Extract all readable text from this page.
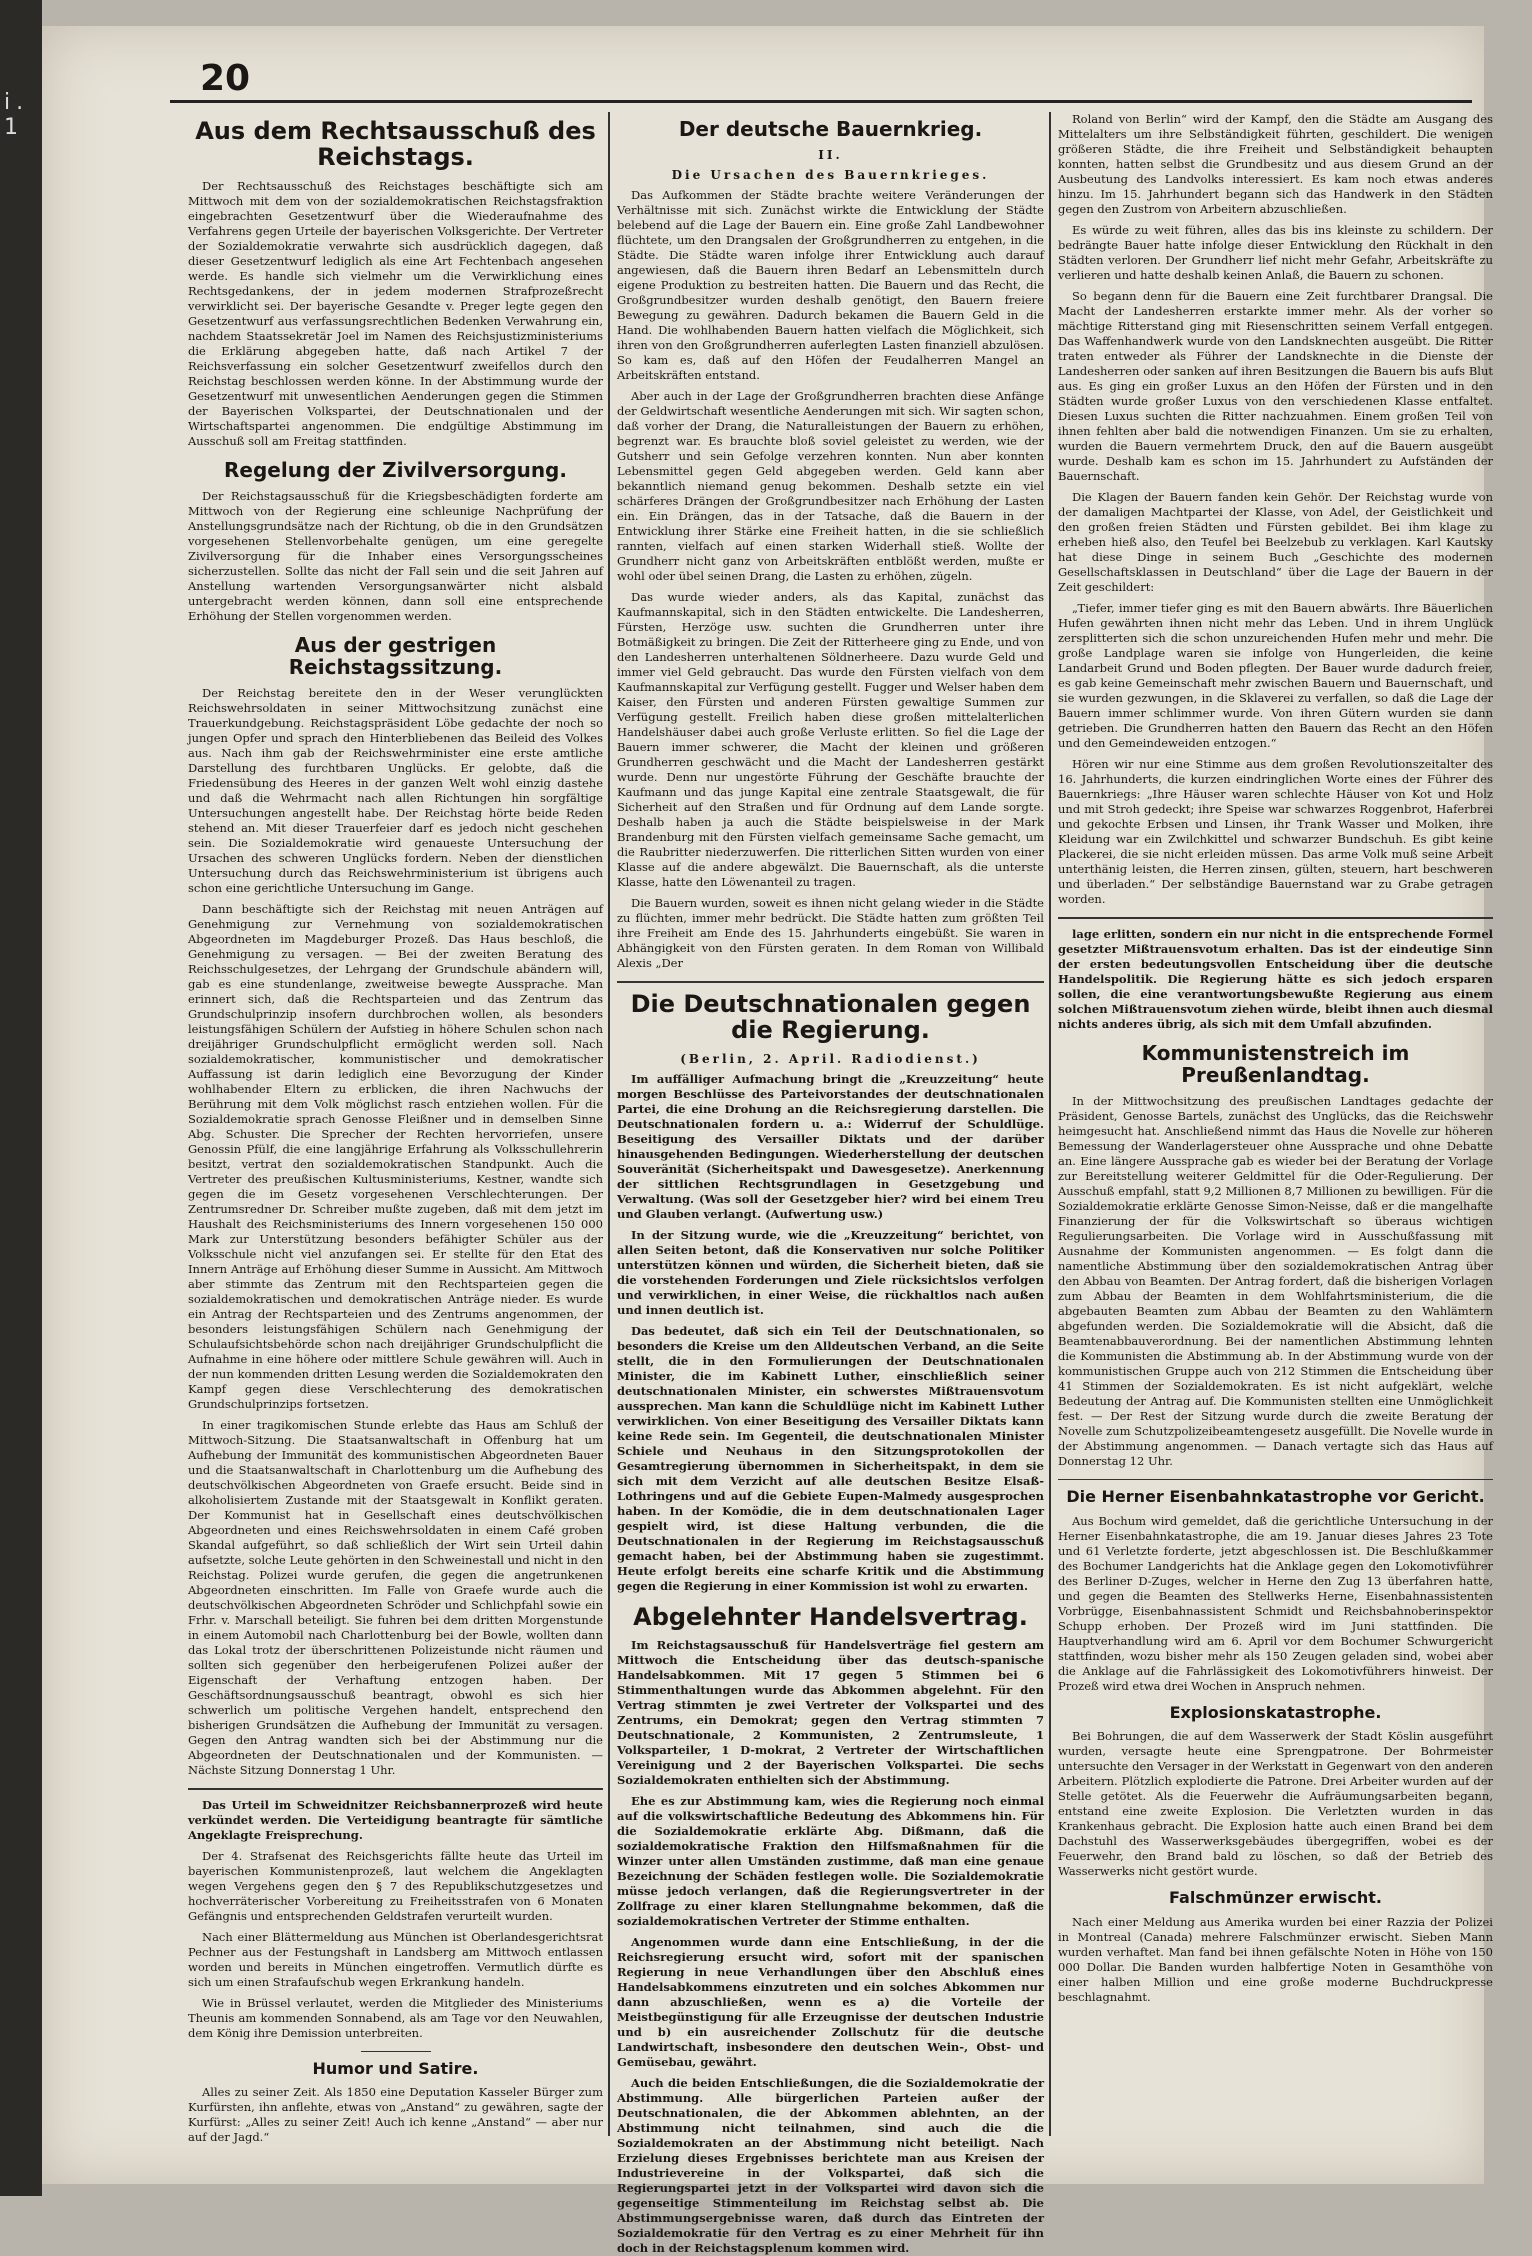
i. 1
20
Aus dem Rechtsausschuß des Reichstags.

Der Rechtsausschuß des Reichstages beschäftigte sich am Mittwoch mit dem von der sozialdemokratischen Reichstagsfraktion eingebrachten Gesetzentwurf über die Wiederaufnahme des Verfahrens gegen Urteile der bayerischen Volksgerichte. Der Vertreter der Sozialdemokratie verwahrte sich ausdrücklich dagegen, daß dieser Gesetzentwurf lediglich als eine Art Fechtenbach angesehen werde. Es handle sich vielmehr um die Verwirklichung eines Rechtsgedankens, der in jedem modernen Strafprozeßrecht verwirklicht sei. Der bayerische Gesandte v. Preger legte gegen den Gesetzentwurf aus verfassungsrechtlichen Bedenken Verwahrung ein, nachdem Staatssekretär Joel im Namen des Reichsjustizministeriums die Erklärung abgegeben hatte, daß nach Artikel 7 der Reichsverfassung ein solcher Gesetzentwurf zweifellos durch den Reichstag beschlossen werden könne. In der Abstimmung wurde der Gesetzentwurf mit unwesentlichen Aenderungen gegen die Stimmen der Bayerischen Volkspartei, der Deutschnationalen und der Wirtschaftspartei angenommen. Die endgültige Abstimmung im Ausschuß soll am Freitag stattfinden.

Regelung der Zivilversorgung.

Der Reichstagsausschuß für die Kriegsbeschädigten forderte am Mittwoch von der Regierung eine schleunige Nachprüfung der Anstellungsgrundsätze nach der Richtung, ob die in den Grundsätzen vorgesehenen Stellenvorbehalte genügen, um eine geregelte Zivilversorgung für die Inhaber eines Versorgungsscheines sicherzustellen. Sollte das nicht der Fall sein und die seit Jahren auf Anstellung wartenden Versorgungsanwärter nicht alsbald untergebracht werden können, dann soll eine entsprechende Erhöhung der Stellen vorgenommen werden.

Aus der gestrigen Reichstagssitzung.

Der Reichstag bereitete den in der Weser verunglückten Reichswehrsoldaten in seiner Mittwochsitzung zunächst eine Trauerkundgebung. Reichstagspräsident Löbe gedachte der noch so jungen Opfer und sprach den Hinterbliebenen das Beileid des Volkes aus. Nach ihm gab der Reichswehrminister eine erste amtliche Darstellung des furchtbaren Unglücks. Er gelobte, daß die Friedensübung des Heeres in der ganzen Welt wohl einzig dastehe und daß die Wehrmacht nach allen Richtungen hin sorgfältige Untersuchungen angestellt habe. Der Reichstag hörte beide Reden stehend an. Mit dieser Trauerfeier darf es jedoch nicht geschehen sein. Die Sozialdemokratie wird genaueste Untersuchung der Ursachen des schweren Unglücks fordern. Neben der dienstlichen Untersuchung durch das Reichswehrministerium ist übrigens auch schon eine gerichtliche Untersuchung im Gange.

Dann beschäftigte sich der Reichstag mit neuen Anträgen auf Genehmigung zur Vernehmung von sozialdemokratischen Abgeordneten im Magdeburger Prozeß. Das Haus beschloß, die Genehmigung zu versagen. — Bei der zweiten Beratung des Reichsschulgesetzes, der Lehrgang der Grundschule abändern will, gab es eine stundenlange, zweitweise bewegte Aussprache. Man erinnert sich, daß die Rechtsparteien und das Zentrum das Grundschulprinzip insofern durchbrochen wollen, als besonders leistungsfähigen Schülern der Aufstieg in höhere Schulen schon nach dreijähriger Grundschulpflicht ermöglicht werden soll. Nach sozialdemokratischer, kommunistischer und demokratischer Auffassung ist darin lediglich eine Bevorzugung der Kinder wohlhabender Eltern zu erblicken, die ihren Nachwuchs der Berührung mit dem Volk möglichst rasch entziehen wollen. Für die Sozialdemokratie sprach Genosse Fleißner und in demselben Sinne Abg. Schuster. Die Sprecher der Rechten hervorriefen, unsere Genossin Pfülf, die eine langjährige Erfahrung als Volksschullehrerin besitzt, vertrat den sozialdemokratischen Standpunkt. Auch die Vertreter des preußischen Kultusministeriums, Kestner, wandte sich gegen die im Gesetz vorgesehenen Verschlechterungen. Der Zentrumsredner Dr. Schreiber mußte zugeben, daß mit dem jetzt im Haushalt des Reichsministeriums des Innern vorgesehenen 150 000 Mark zur Unterstützung besonders befähigter Schüler aus der Volksschule nicht viel anzufangen sei. Er stellte für den Etat des Innern Anträge auf Erhöhung dieser Summe in Aussicht. Am Mittwoch aber stimmte das Zentrum mit den Rechtsparteien gegen die sozialdemokratischen und demokratischen Anträge nieder. Es wurde ein Antrag der Rechtsparteien und des Zentrums angenommen, der besonders leistungsfähigen Schülern nach Genehmigung der Schulaufsichtsbehörde schon nach dreijähriger Grundschulpflicht die Aufnahme in eine höhere oder mittlere Schule gewähren will. Auch in der nun kommenden dritten Lesung werden die Sozialdemokraten den Kampf gegen diese Verschlechterung des demokratischen Grundschulprinzips fortsetzen.

In einer tragikomischen Stunde erlebte das Haus am Schluß der Mittwoch-Sitzung. Die Staatsanwaltschaft in Offenburg hat um Aufhebung der Immunität des kommunistischen Abgeordneten Bauer und die Staatsanwaltschaft in Charlottenburg um die Aufhebung des deutschvölkischen Abgeordneten von Graefe ersucht. Beide sind in alkoholisiertem Zustande mit der Staatsgewalt in Konflikt geraten. Der Kommunist hat in Gesellschaft eines deutschvölkischen Abgeordneten und eines Reichswehrsoldaten in einem Café groben Skandal aufgeführt, so daß schließlich der Wirt sein Urteil dahin aufsetzte, solche Leute gehörten in den Schweinestall und nicht in den Reichstag. Polizei wurde gerufen, die gegen die angetrunkenen Abgeordneten einschritten. Im Falle von Graefe wurde auch die deutschvölkischen Abgeordneten Schröder und Schlichpfahl sowie ein Frhr. v. Marschall beteiligt. Sie fuhren bei dem dritten Morgenstunde in einem Automobil nach Charlottenburg bei der Bowle, wollten dann das Lokal trotz der überschrittenen Polizeistunde nicht räumen und sollten sich gegenüber den herbeigerufenen Polizei außer der Eigenschaft der Verhaftung entzogen haben. Der Geschäftsordnungsausschuß beantragt, obwohl es sich hier schwerlich um politische Vergehen handelt, entsprechend den bisherigen Grundsätzen die Aufhebung der Immunität zu versagen. Gegen den Antrag wandten sich bei der Abstimmung nur die Abgeordneten der Deutschnationalen und der Kommunisten. — Nächste Sitzung Donnerstag 1 Uhr.

Das Urteil im Schweidnitzer Reichsbannerprozeß wird heute verkündet werden. Die Verteidigung beantragte für sämtliche Angeklagte Freisprechung.

Der 4. Strafsenat des Reichsgerichts fällte heute das Urteil im bayerischen Kommunistenprozeß, laut welchem die Angeklagten wegen Vergehens gegen den § 7 des Republikschutzgesetzes und hochverräterischer Vorbereitung zu Freiheitsstrafen von 6 Monaten Gefängnis und entsprechenden Geldstrafen verurteilt wurden.

Nach einer Blättermeldung aus München ist Oberlandesgerichtsrat Pechner aus der Festungshaft in Landsberg am Mittwoch entlassen worden und bereits in München eingetroffen. Vermutlich dürfte es sich um einen Strafaufschub wegen Erkrankung handeln.

Wie in Brüssel verlautet, werden die Mitglieder des Ministeriums Theunis am kommenden Sonnabend, als am Tage vor den Neuwahlen, dem König ihre Demission unterbreiten.

Humor und Satire.

Alles zu seiner Zeit. Als 1850 eine Deputation Kasseler Bürger zum Kurfürsten, ihn anflehte, etwas von „Anstand“ zu gewähren, sagte der Kurfürst: „Alles zu seiner Zeit! Auch ich kenne „Anstand“ — aber nur auf der Jagd.“

Der deutsche Bauernkrieg.
II.
Die Ursachen des Bauernkrieges.

Das Aufkommen der Städte brachte weitere Veränderungen der Verhältnisse mit sich. Zunächst wirkte die Entwicklung der Städte belebend auf die Lage der Bauern ein. Eine große Zahl Landbewohner flüchtete, um den Drangsalen der Großgrundherren zu entgehen, in die Städte. Die Städte waren infolge ihrer Entwicklung auch darauf angewiesen, daß die Bauern ihren Bedarf an Lebensmitteln durch eigene Produktion zu bestreiten hatten. Die Bauern und das Recht, die Großgrundbesitzer wurden deshalb genötigt, den Bauern freiere Bewegung zu gewähren. Dadurch bekamen die Bauern Geld in die Hand. Die wohlhabenden Bauern hatten vielfach die Möglichkeit, sich ihren von den Großgrundherren auferlegten Lasten finanziell abzulösen. So kam es, daß auf den Höfen der Feudalherren Mangel an Arbeitskräften entstand.

Aber auch in der Lage der Großgrundherren brachten diese Anfänge der Geldwirtschaft wesentliche Aenderungen mit sich. Wir sagten schon, daß vorher der Drang, die Naturalleistungen der Bauern zu erhöhen, begrenzt war. Es brauchte bloß soviel geleistet zu werden, wie der Gutsherr und sein Gefolge verzehren konnten. Nun aber konnten Lebensmittel gegen Geld abgegeben werden. Geld kann aber bekanntlich niemand genug bekommen. Deshalb setzte ein viel schärferes Drängen der Großgrundbesitzer nach Erhöhung der Lasten ein. Ein Drängen, das in der Tatsache, daß die Bauern in der Entwicklung ihrer Stärke eine Freiheit hatten, in die sie schließlich rannten, vielfach auf einen starken Widerhall stieß. Wollte der Grundherr nicht ganz von Arbeitskräften entblößt werden, mußte er wohl oder übel seinen Drang, die Lasten zu erhöhen, zügeln.

Das wurde wieder anders, als das Kapital, zunächst das Kaufmannskapital, sich in den Städten entwickelte. Die Landesherren, Fürsten, Herzöge usw. suchten die Grundherren unter ihre Botmäßigkeit zu bringen. Die Zeit der Ritterheere ging zu Ende, und von den Landesherren unterhaltenen Söldnerheere. Dazu wurde Geld und immer viel Geld gebraucht. Das wurde den Fürsten vielfach von dem Kaufmannskapital zur Verfügung gestellt. Fugger und Welser haben dem Kaiser, den Fürsten und anderen Fürsten gewaltige Summen zur Verfügung gestellt. Freilich haben diese großen mittelalterlichen Handelshäuser dabei auch große Verluste erlitten. So fiel die Lage der Bauern immer schwerer, die Macht der kleinen und größeren Grundherren geschwächt und die Macht der Landesherren gestärkt wurde. Denn nur ungestörte Führung der Geschäfte brauchte der Kaufmann und das junge Kapital eine zentrale Staatsgewalt, die für Sicherheit auf den Straßen und für Ordnung auf dem Lande sorgte. Deshalb haben ja auch die Städte beispielsweise in der Mark Brandenburg mit den Fürsten vielfach gemeinsame Sache gemacht, um die Raubritter niederzuwerfen. Die ritterlichen Sitten wurden von einer Klasse auf die andere abgewälzt. Die Bauernschaft, als die unterste Klasse, hatte den Löwenanteil zu tragen.

Die Bauern wurden, soweit es ihnen nicht gelang wieder in die Städte zu flüchten, immer mehr bedrückt. Die Städte hatten zum größten Teil ihre Freiheit am Ende des 15. Jahrhunderts eingebüßt. Sie waren in Abhängigkeit von den Fürsten geraten. In dem Roman von Willibald Alexis „Der

Die Deutschnationalen gegen die Regierung.
(Berlin, 2. April. Radiodienst.)

Im auffälliger Aufmachung bringt die „Kreuzzeitung“ heute morgen Beschlüsse des Parteivorstandes der deutschnationalen Partei, die eine Drohung an die Reichsregierung darstellen. Die Deutschnationalen fordern u. a.: Widerruf der Schuldlüge. Beseitigung des Versailler Diktats und der darüber hinausgehenden Bedingungen. Wiederherstellung der deutschen Souveränität (Sicherheitspakt und Dawesgesetze). Anerkennung der sittlichen Rechtsgrundlagen in Gesetzgebung und Verwaltung. (Was soll der Gesetzgeber hier? wird bei einem Treu und Glauben verlangt. (Aufwertung usw.)

In der Sitzung wurde, wie die „Kreuzzeitung“ berichtet, von allen Seiten betont, daß die Konservativen nur solche Politiker unterstützen können und würden, die Sicherheit bieten, daß sie die vorstehenden Forderungen und Ziele rücksichtslos verfolgen und verwirklichen, in einer Weise, die rückhaltlos nach außen und innen deutlich ist.

Das bedeutet, daß sich ein Teil der Deutschnationalen, so besonders die Kreise um den Alldeutschen Verband, an die Seite stellt, die in den Formulierungen der Deutschnationalen Minister, die im Kabinett Luther, einschließlich seiner deutschnationalen Minister, ein schwerstes Mißtrauensvotum aussprechen. Man kann die Schuldlüge nicht im Kabinett Luther verwirklichen. Von einer Beseitigung des Versailler Diktats kann keine Rede sein. Im Gegenteil, die deutschnationalen Minister Schiele und Neuhaus in den Sitzungsprotokollen der Gesamtregierung übernommen in Sicherheitspakt, in dem sie sich mit dem Verzicht auf alle deutschen Besitze Elsaß-Lothringens und auf die Gebiete Eupen-Malmedy ausgesprochen haben. In der Komödie, die in dem deutschnationalen Lager gespielt wird, ist diese Haltung verbunden, die die Deutschnationalen in der Regierung im Reichstagsausschuß gemacht haben, bei der Abstimmung haben sie zugestimmt. Heute erfolgt bereits eine scharfe Kritik und die Abstimmung gegen die Regierung in einer Kommission ist wohl zu erwarten.

Abgelehnter Handelsvertrag.

Im Reichstagsausschuß für Handelsverträge fiel gestern am Mittwoch die Entscheidung über das deutsch-spanische Handelsabkommen. Mit 17 gegen 5 Stimmen bei 6 Stimmenthaltungen wurde das Abkommen abgelehnt. Für den Vertrag stimmten je zwei Vertreter der Volkspartei und des Zentrums, ein Demokrat; gegen den Vertrag stimmten 7 Deutschnationale, 2 Kommunisten, 2 Zentrumsleute, 1 Volksparteiler, 1 D-mokrat, 2 Vertreter der Wirtschaftlichen Vereinigung und 2 der Bayerischen Volkspartei. Die sechs Sozialdemokraten enthielten sich der Abstimmung.

Ehe es zur Abstimmung kam, wies die Regierung noch einmal auf die volkswirtschaftliche Bedeutung des Abkommens hin. Für die Sozialdemokratie erklärte Abg. Dißmann, daß die sozialdemokratische Fraktion den Hilfsmaßnahmen für die Winzer unter allen Umständen zustimme, daß man eine genaue Bezeichnung der Schäden festlegen wolle. Die Sozialdemokratie müsse jedoch verlangen, daß die Regierungsvertreter in der Zollfrage zu einer klaren Stellungnahme bekommen, daß die sozialdemokratischen Vertreter der Stimme enthalten.

Angenommen wurde dann eine Entschließung, in der die Reichsregierung ersucht wird, sofort mit der spanischen Regierung in neue Verhandlungen über den Abschluß eines Handelsabkommens einzutreten und ein solches Abkommen nur dann abzuschließen, wenn es a) die Vorteile der Meistbegünstigung für alle Erzeugnisse der deutschen Industrie und b) ein ausreichender Zollschutz für die deutsche Landwirtschaft, insbesondere den deutschen Wein-, Obst- und Gemüsebau, gewährt.

Auch die beiden Entschließungen, die die Sozialdemokratie der Abstimmung. Alle bürgerlichen Parteien außer der Deutschnationalen, die der Abkommen ablehnten, an der Abstimmung nicht teilnahmen, sind auch die die Sozialdemokraten an der Abstimmung nicht beteiligt. Nach Erzielung dieses Ergebnisses berichtete man aus Kreisen der Industrievereine in der Volkspartei, daß sich die Regierungspartei jetzt in der Volkspartei wird davon sich die gegenseitige Stimmenteilung im Reichstag selbst ab. Die Abstimmungsergebnisse waren, daß durch das Eintreten der Sozialdemokratie für den Vertrag es zu einer Mehrheit für ihn doch in der Reichstagsplenum kommen wird.

Roland von Berlin“ wird der Kampf, den die Städte am Ausgang des Mittelalters um ihre Selbständigkeit führten, geschildert. Die wenigen größeren Städte, die ihre Freiheit und Selbständigkeit behaupten konnten, hatten selbst die Grundbesitz und aus diesem Grund an der Ausbeutung des Landvolks interessiert. Es kam noch etwas anderes hinzu. Im 15. Jahrhundert begann sich das Handwerk in den Städten gegen den Zustrom von Arbeitern abzuschließen.

Es würde zu weit führen, alles das bis ins kleinste zu schildern. Der bedrängte Bauer hatte infolge dieser Entwicklung den Rückhalt in den Städten verloren. Der Grundherr lief nicht mehr Gefahr, Arbeitskräfte zu verlieren und hatte deshalb keinen Anlaß, die Bauern zu schonen.

So begann denn für die Bauern eine Zeit furchtbarer Drangsal. Die Macht der Landesherren erstarkte immer mehr. Als der vorher so mächtige Ritterstand ging mit Riesenschritten seinem Verfall entgegen. Das Waffenhandwerk wurde von den Landsknechten ausgeübt. Die Ritter traten entweder als Führer der Landsknechte in die Dienste der Landesherren oder sanken auf ihren Besitzungen die Bauern bis aufs Blut aus. Es ging ein großer Luxus an den Höfen der Fürsten und in den Städten wurde großer Luxus von den verschiedenen Klasse entfaltet. Diesen Luxus suchten die Ritter nachzuahmen. Einem großen Teil von ihnen fehlten aber bald die notwendigen Finanzen. Um sie zu erhalten, wurden die Bauern vermehrtem Druck, den auf die Bauern ausgeübt wurde. Deshalb kam es schon im 15. Jahrhundert zu Aufständen der Bauernschaft.

Die Klagen der Bauern fanden kein Gehör. Der Reichstag wurde von der damaligen Machtpartei der Klasse, von Adel, der Geistlichkeit und den großen freien Städten und Fürsten gebildet. Bei ihm klage zu erheben hieß also, den Teufel bei Beelzebub zu verklagen. Karl Kautsky hat diese Dinge in seinem Buch „Geschichte des modernen Gesellschaftsklassen in Deutschland“ über die Lage der Bauern in der Zeit geschildert:

„Tiefer, immer tiefer ging es mit den Bauern abwärts. Ihre Bäuerlichen Hufen gewährten ihnen nicht mehr das Leben. Und in ihrem Unglück zersplitterten sich die schon unzureichenden Hufen mehr und mehr. Die große Landplage waren sie infolge von Hungerleiden, die keine Landarbeit Grund und Boden pflegten. Der Bauer wurde dadurch freier, es gab keine Gemeinschaft mehr zwischen Bauern und Bauernschaft, und sie wurden gezwungen, in die Sklaverei zu verfallen, so daß die Lage der Bauern immer schlimmer wurde. Von ihren Gütern wurden sie dann getrieben. Die Grundherren hatten den Bauern das Recht an den Höfen und den Gemeindeweiden entzogen.“

Hören wir nur eine Stimme aus dem großen Revolutionszeitalter des 16. Jahrhunderts, die kurzen eindringlichen Worte eines der Führer des Bauernkriegs: „Ihre Häuser waren schlechte Häuser von Kot und Holz und mit Stroh gedeckt; ihre Speise war schwarzes Roggenbrot, Haferbrei und gekochte Erbsen und Linsen, ihr Trank Wasser und Molken, ihre Kleidung war ein Zwilchkittel und schwarzer Bundschuh. Es gibt keine Plackerei, die sie nicht erleiden müssen. Das arme Volk muß seine Arbeit unterthänig leisten, die Herren zinsen, gülten, steuern, hart beschweren und überladen.“ Der selbständige Bauernstand war zu Grabe getragen worden.

lage erlitten, sondern ein nur nicht in die entsprechende Formel gesetzter Mißtrauensvotum erhalten. Das ist der eindeutige Sinn der ersten bedeutungsvollen Entscheidung über die deutsche Handelspolitik. Die Regierung hätte es sich jedoch ersparen sollen, die eine verantwortungsbewußte Regierung aus einem solchen Mißtrauensvotum ziehen würde, bleibt ihnen auch diesmal nichts anderes übrig, als sich mit dem Umfall abzufinden.

Kommunistenstreich im Preußenlandtag.

In der Mittwochsitzung des preußischen Landtages gedachte der Präsident, Genosse Bartels, zunächst des Unglücks, das die Reichswehr heimgesucht hat. Anschließend nimmt das Haus die Novelle zur höheren Bemessung der Wanderlagersteuer ohne Aussprache und ohne Debatte an. Eine längere Aussprache gab es wieder bei der Beratung der Vorlage zur Bereitstellung weiterer Geldmittel für die Oder-Regulierung. Der Ausschuß empfahl, statt 9,2 Millionen 8,7 Millionen zu bewilligen. Für die Sozialdemokratie erklärte Genosse Simon-Neisse, daß er die mangelhafte Finanzierung der für die Volkswirtschaft so überaus wichtigen Regulierungsarbeiten. Die Vorlage wird in Ausschußfassung mit Ausnahme der Kommunisten angenommen. — Es folgt dann die namentliche Abstimmung über den sozialdemokratischen Antrag über den Abbau von Beamten. Der Antrag fordert, daß die bisherigen Vorlagen zum Abbau der Beamten in dem Wohlfahrtsministerium, die die abgebauten Beamten zum Abbau der Beamten zu den Wahlämtern abgefunden werden. Die Sozialdemokratie will die Absicht, daß die Beamtenabbauverordnung. Bei der namentlichen Abstimmung lehnten die Kommunisten die Abstimmung ab. In der Abstimmung wurde von der kommunistischen Gruppe auch von 212 Stimmen die Entscheidung über 41 Stimmen der Sozialdemokraten. Es ist nicht aufgeklärt, welche Bedeutung der Antrag auf. Die Kommunisten stellten eine Unmöglichkeit fest. — Der Rest der Sitzung wurde durch die zweite Beratung der Novelle zum Schutzpolizeibeamtengesetz ausgefüllt. Die Novelle wurde in der Abstimmung angenommen. — Danach vertagte sich das Haus auf Donnerstag 12 Uhr.

Die Herner Eisenbahnkatastrophe vor Gericht.

Aus Bochum wird gemeldet, daß die gerichtliche Untersuchung in der Herner Eisenbahnkatastrophe, die am 19. Januar dieses Jahres 23 Tote und 61 Verletzte forderte, jetzt abgeschlossen ist. Die Beschlußkammer des Bochumer Landgerichts hat die Anklage gegen den Lokomotivführer des Berliner D-Zuges, welcher in Herne den Zug 13 überfahren hatte, und gegen die Beamten des Stellwerks Herne, Eisenbahnassistenten Vorbrügge, Eisenbahnassistent Schmidt und Reichsbahnoberinspektor Schupp erhoben. Der Prozeß wird im Juni stattfinden. Die Hauptverhandlung wird am 6. April vor dem Bochumer Schwurgericht stattfinden, wozu bisher mehr als 150 Zeugen geladen sind, wobei aber die Anklage auf die Fahrlässigkeit des Lokomotivführers hinweist. Der Prozeß wird etwa drei Wochen in Anspruch nehmen.

Explosionskatastrophe.

Bei Bohrungen, die auf dem Wasserwerk der Stadt Köslin ausgeführt wurden, versagte heute eine Sprengpatrone. Der Bohrmeister untersuchte den Versager in der Werkstatt in Gegenwart von den anderen Arbeitern. Plötzlich explodierte die Patrone. Drei Arbeiter wurden auf der Stelle getötet. Als die Feuerwehr die Aufräumungsarbeiten begann, entstand eine zweite Explosion. Die Verletzten wurden in das Krankenhaus gebracht. Die Explosion hatte auch einen Brand bei dem Dachstuhl des Wasserwerksgebäudes übergegriffen, wobei es der Feuerwehr, den Brand bald zu löschen, so daß der Betrieb des Wasserwerks nicht gestört wurde.

Falschmünzer erwischt.

Nach einer Meldung aus Amerika wurden bei einer Razzia der Polizei in Montreal (Canada) mehrere Falschmünzer erwischt. Sieben Mann wurden verhaftet. Man fand bei ihnen gefälschte Noten in Höhe von 150 000 Dollar. Die Banden wurden halbfertige Noten in Gesamthöhe von einer halben Million und eine große moderne Buchdruckpresse beschlagnahmt.
